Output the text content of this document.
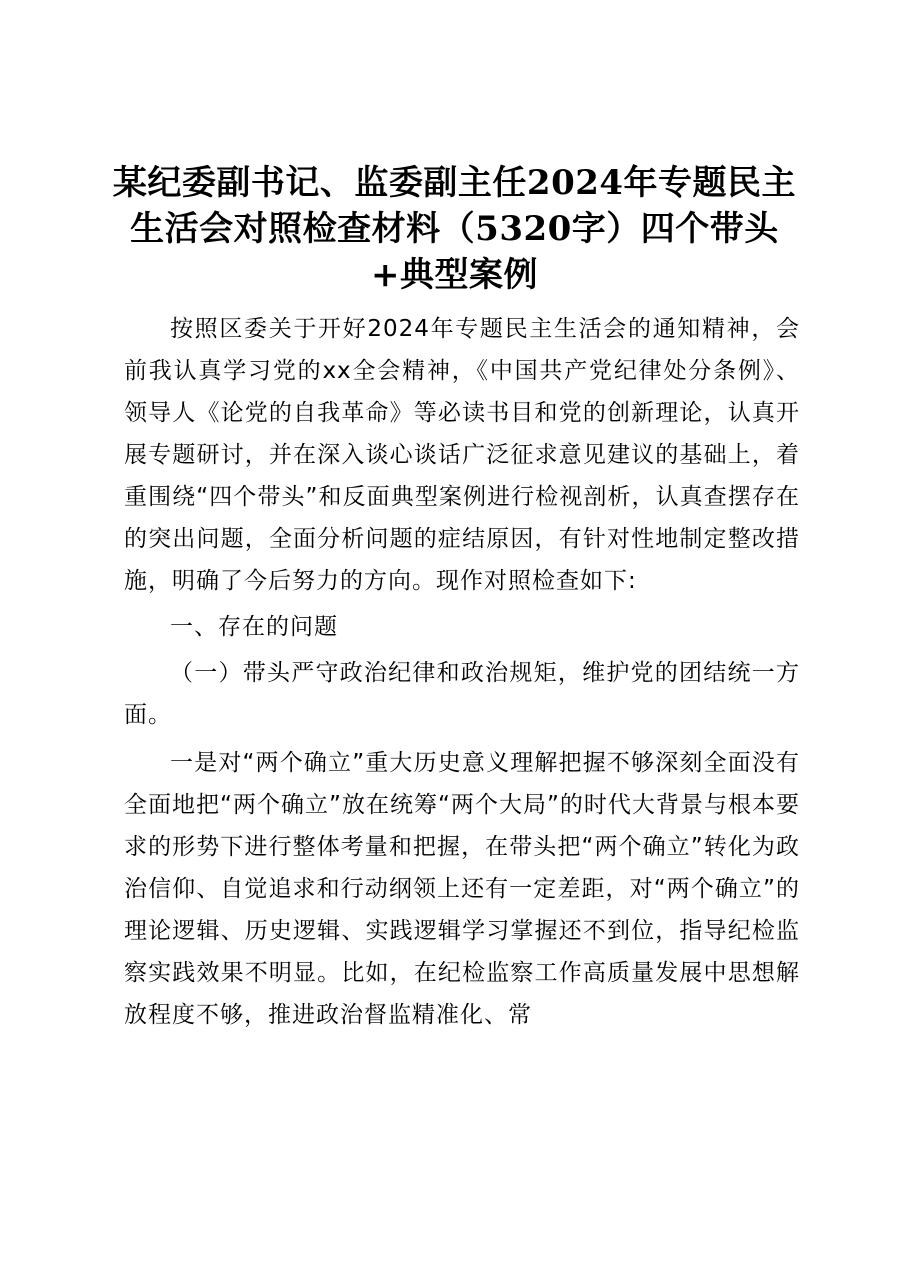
某纪委副书记、监委副主任2024年专题民主生活会对照检查材料（5320字）四个带头+典型案例

按照区委关于开好2024年专题民主生活会的通知精神，会前我认真学习党的xx全会精神，《中国共产党纪律处分条例》、领导人《论党的自我革命》等必读书目和党的创新理论，认真开展专题研讨，并在深入谈心谈话广泛征求意见建议的基础上，着重围绕“四个带头”和反面典型案例进行检视剖析，认真查摆存在的突出问题，全面分析问题的症结原因，有针对性地制定整改措施，明确了今后努力的方向。现作对照检查如下:

一、存在的问题

（一）带头严守政治纪律和政治规矩，维护党的团结统一方面。

一是对“两个确立”重大历史意义理解把握不够深刻全面没有全面地把“两个确立”放在统筹“两个大局”的时代大背景与根本要求的形势下进行整体考量和把握，在带头把“两个确立”转化为政治信仰、自觉追求和行动纲领上还有一定差距，对“两个确立”的理论逻辑、历史逻辑、实践逻辑学习掌握还不到位，指导纪检监察实践效果不明显。比如，在纪检监察工作高质量发展中思想解放程度不够，推进政治督监精准化、常
